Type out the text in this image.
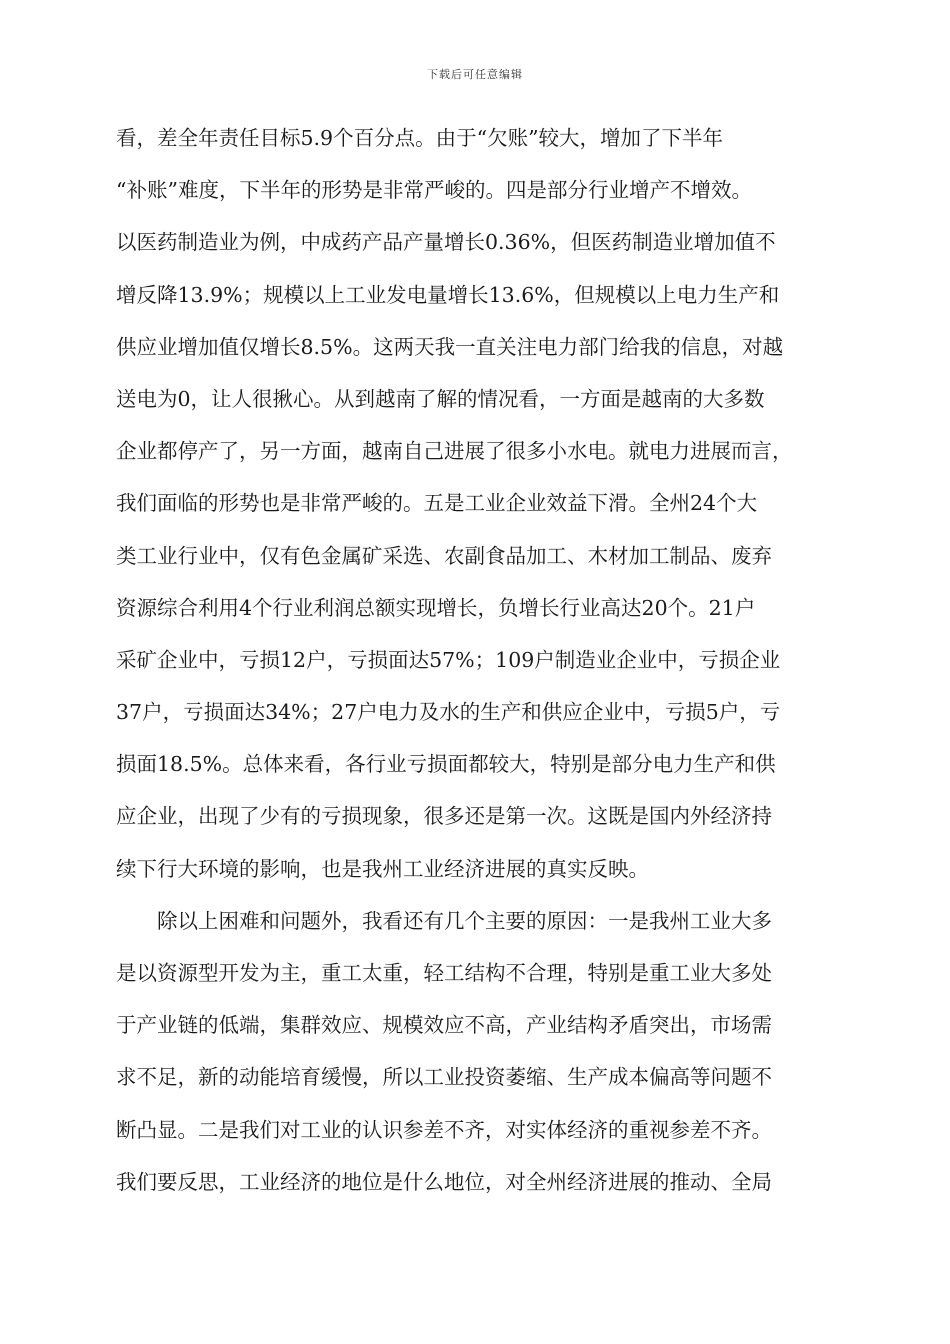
下载后可任意编辑
看，差全年责任目标5.9个百分点。由于“欠账”较大，增加了下半年
“补账”难度，下半年的形势是非常严峻的。四是部分行业增产不增效。
以医药制造业为例，中成药产品产量增长0.36%，但医药制造业增加值不
增反降13.9%；规模以上工业发电量增长13.6%，但规模以上电力生产和
供应业增加值仅增长8.5%。这两天我一直关注电力部门给我的信息，对越
送电为0，让人很揪心。从到越南了解的情况看，一方面是越南的大多数
企业都停产了，另一方面，越南自己进展了很多小水电。就电力进展而言，
我们面临的形势也是非常严峻的。五是工业企业效益下滑。全州24个大
类工业行业中，仅有色金属矿采选、农副食品加工、木材加工制品、废弃
资源综合利用4个行业利润总额实现增长，负增长行业高达20个。21户
采矿企业中，亏损12户，亏损面达57%；109户制造业企业中，亏损企业
37户，亏损面达34%；27户电力及水的生产和供应企业中，亏损5户，亏
损面18.5%。总体来看，各行业亏损面都较大，特别是部分电力生产和供
应企业，出现了少有的亏损现象，很多还是第一次。这既是国内外经济持
续下行大环境的影响，也是我州工业经济进展的真实反映。
　　除以上困难和问题外，我看还有几个主要的原因：一是我州工业大多
是以资源型开发为主，重工太重，轻工结构不合理，特别是重工业大多处
于产业链的低端，集群效应、规模效应不高，产业结构矛盾突出，市场需
求不足，新的动能培育缓慢，所以工业投资萎缩、生产成本偏高等问题不
断凸显。二是我们对工业的认识参差不齐，对实体经济的重视参差不齐。
我们要反思，工业经济的地位是什么地位，对全州经济进展的推动、全局
